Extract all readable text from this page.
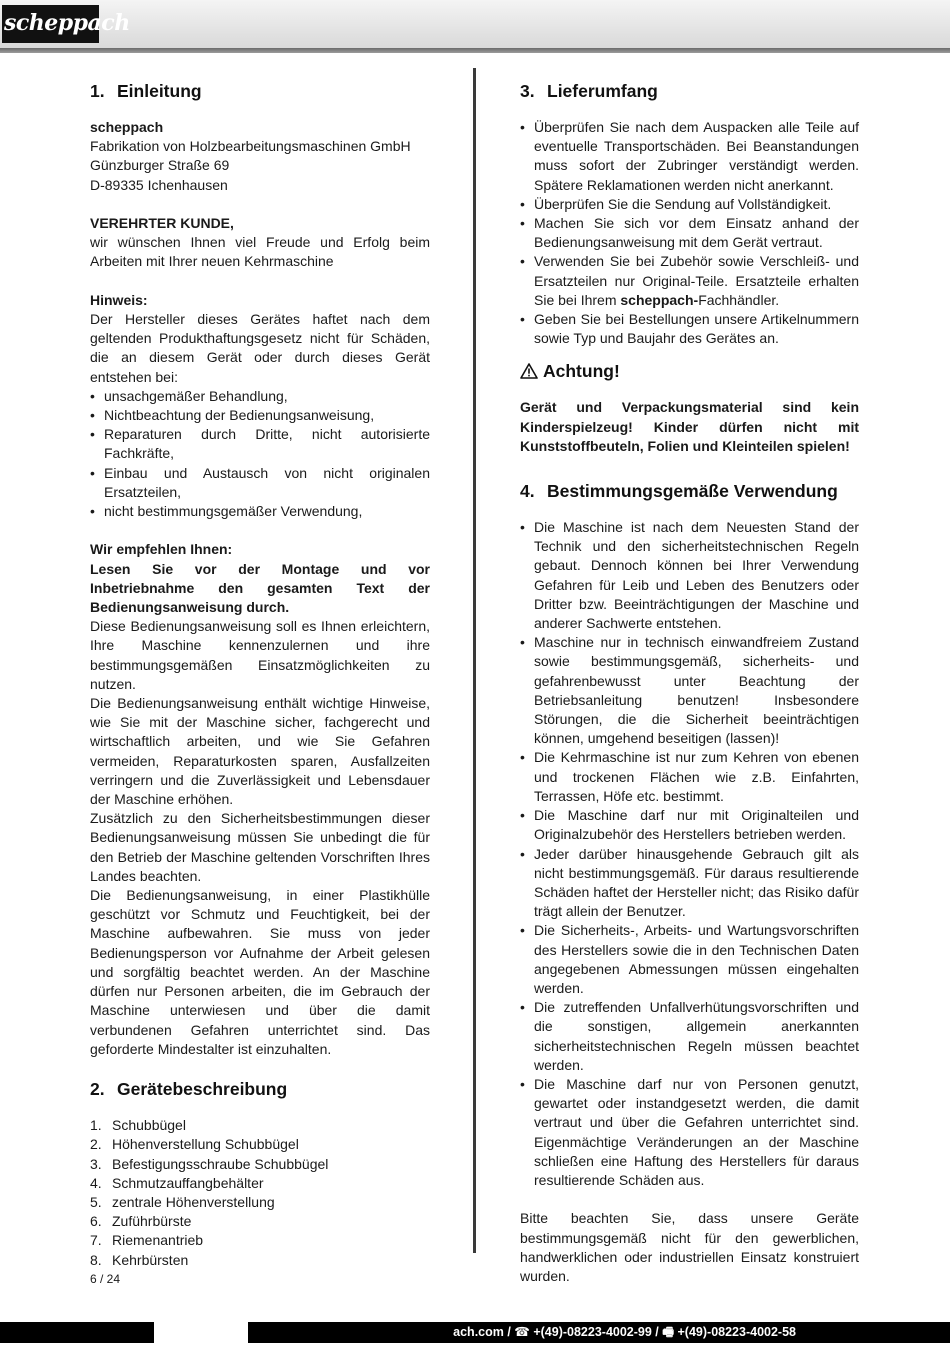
scheppach
1. Einleitung

scheppach

Fabrikation von Holzbearbeitungsmaschinen GmbH

Günzburger Straße 69

D-89335 Ichenhausen

VEREHRTER KUNDE,

wir wünschen Ihnen viel Freude und Erfolg beim Arbeiten mit Ihrer neuen Kehrmaschine

Hinweis:

Der Hersteller dieses Gerätes haftet nach dem geltenden Produkthaftungsgesetz nicht für Schäden, die an diesem Gerät oder durch dieses Gerät entstehen bei:

• unsachgemäßer Behandlung,
• Nichtbeachtung der Bedienungsanweisung,
• Reparaturen durch Dritte, nicht autorisierte Fachkräfte,
• Einbau und Austausch von nicht originalen Ersatzteilen,
• nicht bestimmungsgemäßer Verwendung,

Wir empfehlen Ihnen:

Lesen Sie vor der Montage und vor Inbetriebnahme den gesamten Text der Bedienungsanweisung durch.

Diese Bedienungsanweisung soll es Ihnen erleichtern, Ihre Maschine kennenzulernen und ihre bestimmungsgemäßen Einsatzmöglichkeiten zu nutzen.

Die Bedienungsanweisung enthält wichtige Hinweise, wie Sie mit der Maschine sicher, fachgerecht und wirtschaftlich arbeiten, und wie Sie Gefahren vermeiden, Reparaturkosten sparen, Ausfallzeiten verringern und die Zuverlässigkeit und Lebensdauer der Maschine erhöhen.

Zusätzlich zu den Sicherheitsbestimmungen dieser Bedienungsanweisung müssen Sie unbedingt die für den Betrieb der Maschine geltenden Vorschriften Ihres Landes beachten.

Die Bedienungsanweisung, in einer Plastikhülle geschützt vor Schmutz und Feuchtigkeit, bei der Maschine aufbewahren. Sie muss von jeder Bedienungsperson vor Aufnahme der Arbeit gelesen und sorgfältig beachtet werden. An der Maschine dürfen nur Personen arbeiten, die im Gebrauch der Maschine unterwiesen und über die damit verbundenen Gefahren unterrichtet sind. Das geforderte Mindestalter ist einzuhalten.

2. Gerätebeschreibung
1. Schubbügel
2. Höhenverstellung Schubbügel
3. Befestigungsschraube Schubbügel
4. Schmutzauffangbehälter
5. zentrale Höhenverstellung
6. Zuführbürste
7. Riemenantrieb
8. Kehrbürsten
3. Lieferumfang
• Überprüfen Sie nach dem Auspacken alle Teile auf eventuelle Transportschäden. Bei Beanstandungen muss sofort der Zubringer verständigt werden. Spätere Reklamationen werden nicht anerkannt.
• Überprüfen Sie die Sendung auf Vollständigkeit.
• Machen Sie sich vor dem Einsatz anhand der Bedienungsanweisung mit dem Gerät vertraut.
• Verwenden Sie bei Zubehör sowie Verschleiß- und Ersatzteilen nur Original-Teile. Ersatzteile erhalten Sie bei Ihrem scheppach-Fachhändler.
• Geben Sie bei Bestellungen unsere Artikelnummern sowie Typ und Baujahr des Gerätes an.
Achtung!

Gerät und Verpackungsmaterial sind kein Kinderspielzeug! Kinder dürfen nicht mit Kunststoffbeuteln, Folien und Kleinteilen spielen!

4. Bestimmungsgemäße Verwendung
• Die Maschine ist nach dem Neuesten Stand der Technik und den sicherheitstechnischen Regeln gebaut. Dennoch können bei Ihrer Verwendung Gefahren für Leib und Leben des Benutzers oder Dritter bzw. Beeinträchtigungen der Maschine und anderer Sachwerte entstehen.
• Maschine nur in technisch einwandfreiem Zustand sowie bestimmungsgemäß, sicherheits- und gefahrenbewusst unter Beachtung der Betriebsanleitung benutzen! Insbesondere Störungen, die die Sicherheit beeinträchtigen können, umgehend beseitigen (lassen)!
• Die Kehrmaschine ist nur zum Kehren von ebenen und trockenen Flächen wie z.B. Einfahrten, Terrassen, Höfe etc. bestimmt.
• Die Maschine darf nur mit Originalteilen und Originalzubehör des Herstellers betrieben werden.
• Jeder darüber hinausgehende Gebrauch gilt als nicht bestimmungsgemäß. Für daraus resultierende Schäden haftet der Hersteller nicht; das Risiko dafür trägt allein der Benutzer.
• Die Sicherheits-, Arbeits- und Wartungsvorschriften des Herstellers sowie die in den Technischen Daten angegebenen Abmessungen müssen eingehalten werden.
• Die zutreffenden Unfallverhütungsvorschriften und die sonstigen, allgemein anerkannten sicherheitstechnischen Regeln müssen beachtet werden.
• Die Maschine darf nur von Personen genutzt, gewartet oder instandgesetzt werden, die damit vertraut und über die Gefahren unterrichtet sind. Eigenmächtige Veränderungen an der Maschine schließen eine Haftung des Herstellers für daraus resultierende Schäden aus.

Bitte beachten Sie, dass unsere Geräte bestimmungsgemäß nicht für den gewerblichen, handwerklichen oder industriellen Einsatz konstruiert wurden.

6 / 24
ach.com / ☎ +(49)-08223-4002-99 / 🖷 +(49)-08223-4002-58
